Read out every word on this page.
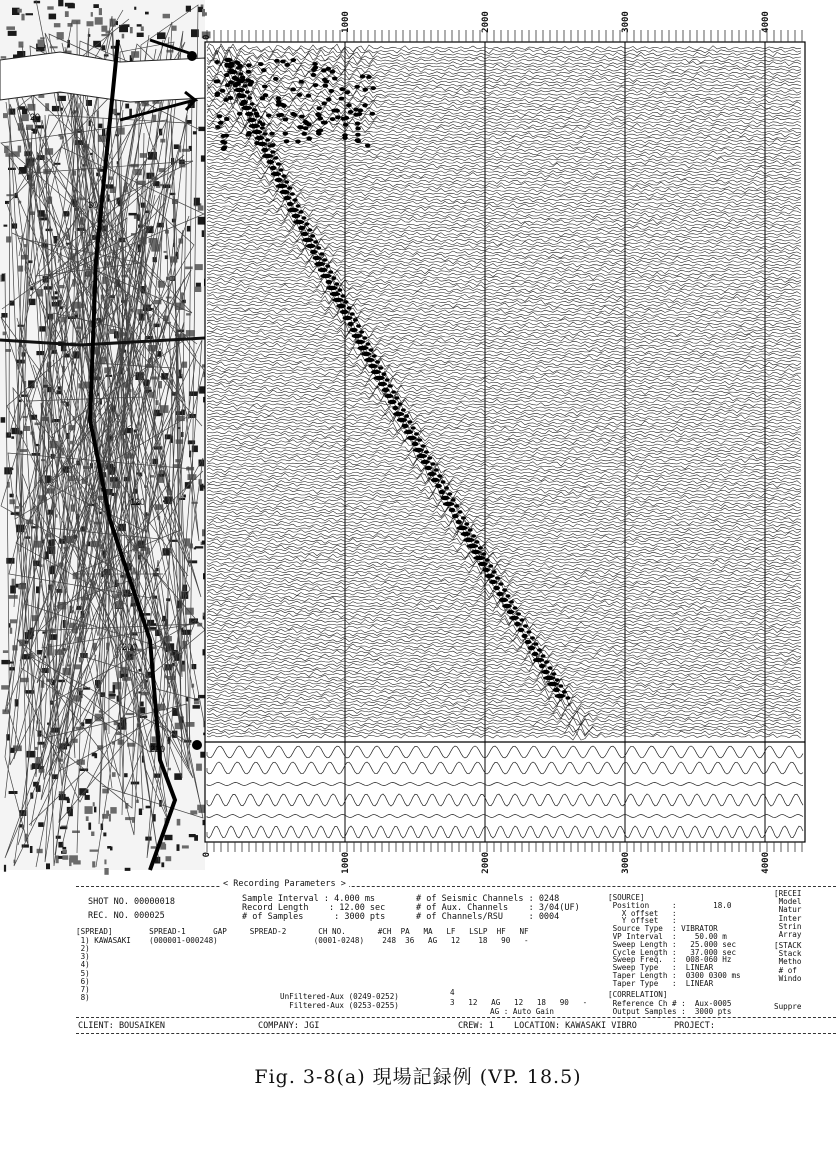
20
30
120
200
220
1000	2000	3000	4000
1000	2000	3000	4000
0
0
< Recording Parameters >
SHOT NO. 00000018
REC. NO. 000025
Sample Interval : 4.000 ms
Record Length    : 12.00 sec
# of Samples      : 3000 pts
# of Seismic Channels : 0248
# of Aux. Channels    : 3/04(UF)
# of Channels/RSU     : 0004
[SPREAD]        SPREAD-1      GAP     SPREAD-2       CH NO.       #CH  PA   MA   LF   LSLP  HF   NF
1) KAWASAKI    (000001-000248)                     (0001-0248)    248  36   AG   12    18   90   -
2)
3)
4)
5)
6)
7)
8)	UnFiltered-Aux (0249-0252)
Filtered-Aux (0253-0255)
4
3   12   AG   12   18   90   -
AG : Auto Gain
[SOURCE]
Position     :        18.0
X offset   :
Y offset   :
Source Type  : VIBRATOR
VP Interval  :    50.00 m
Sweep Length :   25.000 sec
Cycle Length :   37.000 sec
Sweep Freq.  :  008-060 Hz
Sweep Type   :  LINEAR
Taper Length :  0300 0300 ms
Taper Type   :  LINEAR
[CORRELATION]
Reference Ch # :  Aux-0005
Output Samples :  3000 pts
[RECEI
Model
Natur
Inter
Strin
Array
[STACK
Stack
Metho
# of
Windo
Suppre
CLIENT: BOUSAIKEN	COMPANY: JGI	CREW: 1 LOCATION: KAWASAKI VIBRO	PROJECT:
Fig. 3-8(a) 現場記録例 (VP. 18.5)
